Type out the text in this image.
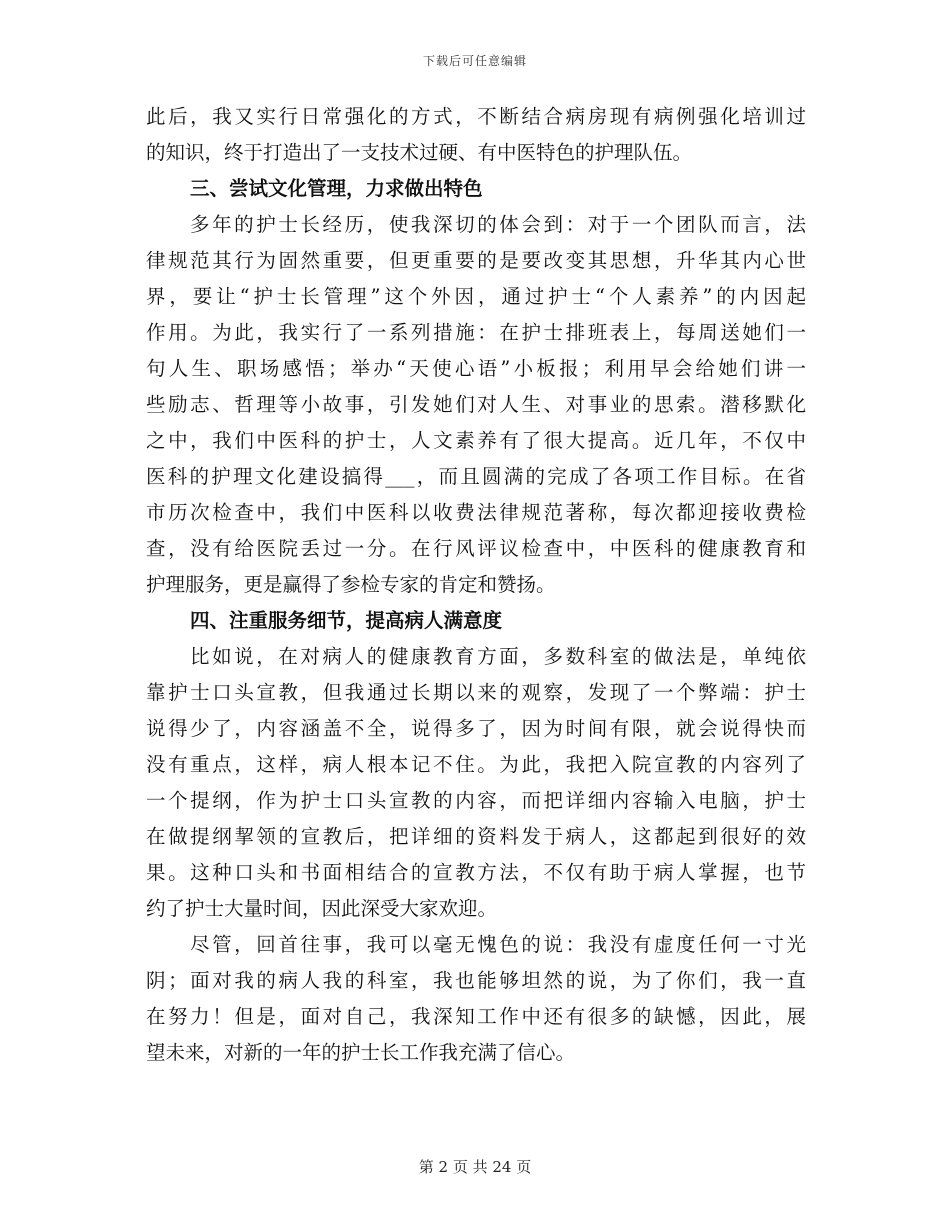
下载后可任意编辑
此后，我又实行日常强化的方式，不断结合病房现有病例强化培训过
的知识，终于打造出了一支技术过硬、有中医特色的护理队伍。
三、尝试文化管理，力求做出特色
多年的护士长经历，使我深切的体会到：对于一个团队而言，法
律规范其行为固然重要，但更重要的是要改变其思想，升华其内心世
界，要让“护士长管理”这个外因，通过护士“个人素养”的内因起
作用。为此，我实行了一系列措施：在护士排班表上，每周送她们一
句人生、职场感悟；举办“天使心语”小板报；利用早会给她们讲一
些励志、哲理等小故事，引发她们对人生、对事业的思索。潜移默化
之中，我们中医科的护士，人文素养有了很大提高。近几年，不仅中
医科的护理文化建设搞得___，而且圆满的完成了各项工作目标。在省
市历次检查中，我们中医科以收费法律规范著称，每次都迎接收费检
查，没有给医院丢过一分。在行风评议检查中，中医科的健康教育和
护理服务，更是赢得了参检专家的肯定和赞扬。
四、注重服务细节，提高病人满意度
比如说，在对病人的健康教育方面，多数科室的做法是，单纯依
靠护士口头宣教，但我通过长期以来的观察，发现了一个弊端：护士
说得少了，内容涵盖不全，说得多了，因为时间有限，就会说得快而
没有重点，这样，病人根本记不住。为此，我把入院宣教的内容列了
一个提纲，作为护士口头宣教的内容，而把详细内容输入电脑，护士
在做提纲挈领的宣教后，把详细的资料发于病人，这都起到很好的效
果。这种口头和书面相结合的宣教方法，不仅有助于病人掌握，也节
约了护士大量时间，因此深受大家欢迎。
尽管，回首往事，我可以毫无愧色的说：我没有虚度任何一寸光
阴；面对我的病人我的科室，我也能够坦然的说，为了你们，我一直
在努力！但是，面对自己，我深知工作中还有很多的缺憾，因此，展
望未来，对新的一年的护士长工作我充满了信心。
第 2 页 共 24 页
